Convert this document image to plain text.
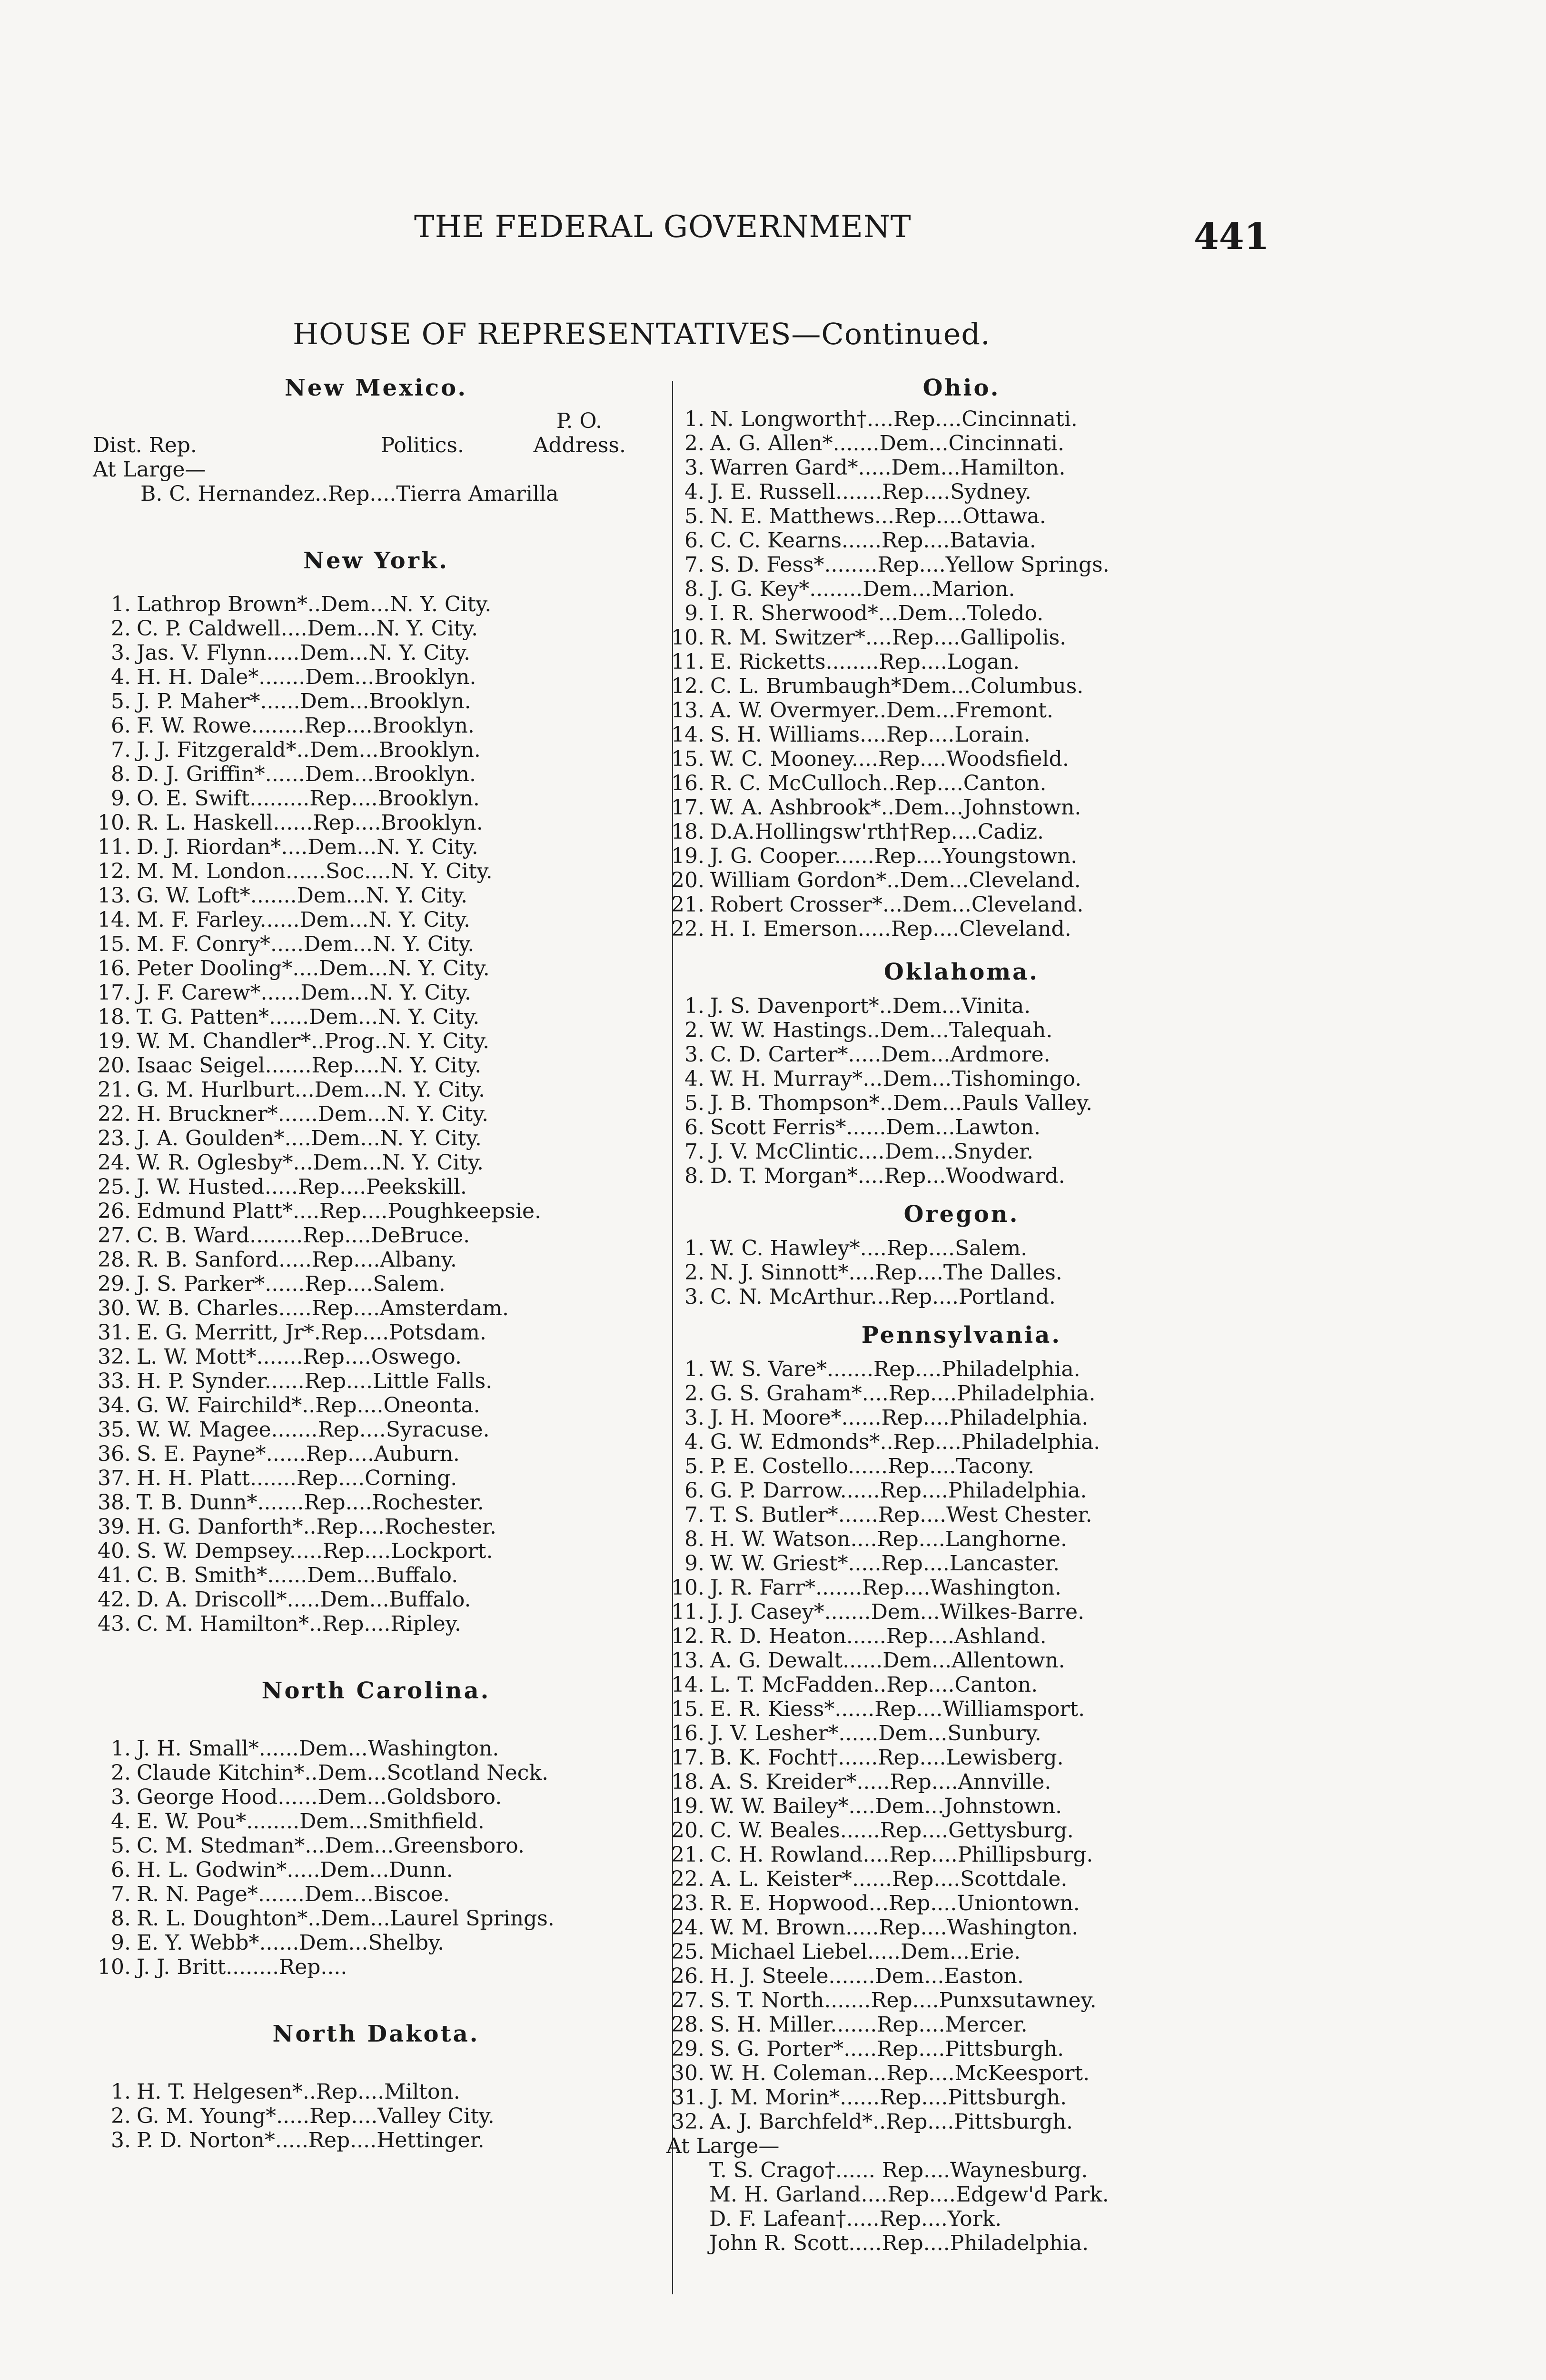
THE FEDERAL GOVERNMENT	441
HOUSE OF REPRESENTATIVES—Continued.
New Mexico.
P. O.
Dist. Rep.	Politics.	Address.
At Large—
B. C. Hernandez..Rep....Tierra Amarilla
New York.
1. Lathrop Brown*..Dem...N. Y. City.
2. C. P. Caldwell....Dem...N. Y. City.
3. Jas. V. Flynn.....Dem...N. Y. City.
4. H. H. Dale*.......Dem...Brooklyn.
5. J. P. Maher*......Dem...Brooklyn.
6. F. W. Rowe........Rep....Brooklyn.
7. J. J. Fitzgerald*..Dem...Brooklyn.
8. D. J. Griffin*......Dem...Brooklyn.
9. O. E. Swift.........Rep....Brooklyn.
10. R. L. Haskell......Rep....Brooklyn.
11. D. J. Riordan*....Dem...N. Y. City.
12. M. M. London......Soc....N. Y. City.
13. G. W. Loft*.......Dem...N. Y. City.
14. M. F. Farley......Dem...N. Y. City.
15. M. F. Conry*.....Dem...N. Y. City.
16. Peter Dooling*....Dem...N. Y. City.
17. J. F. Carew*......Dem...N. Y. City.
18. T. G. Patten*......Dem...N. Y. City.
19. W. M. Chandler*..Prog..N. Y. City.
20. Isaac Seigel.......Rep....N. Y. City.
21. G. M. Hurlburt...Dem...N. Y. City.
22. H. Bruckner*......Dem...N. Y. City.
23. J. A. Goulden*....Dem...N. Y. City.
24. W. R. Oglesby*...Dem...N. Y. City.
25. J. W. Husted.....Rep....Peekskill.
26. Edmund Platt*....Rep....Poughkeepsie.
27. C. B. Ward........Rep....DeBruce.
28. R. B. Sanford.....Rep....Albany.
29. J. S. Parker*......Rep....Salem.
30. W. B. Charles.....Rep....Amsterdam.
31. E. G. Merritt, Jr*.Rep....Potsdam.
32. L. W. Mott*.......Rep....Oswego.
33. H. P. Synder......Rep....Little Falls.
34. G. W. Fairchild*..Rep....Oneonta.
35. W. W. Magee.......Rep....Syracuse.
36. S. E. Payne*......Rep....Auburn.
37. H. H. Platt.......Rep....Corning.
38. T. B. Dunn*.......Rep....Rochester.
39. H. G. Danforth*..Rep....Rochester.
40. S. W. Dempsey.....Rep....Lockport.
41. C. B. Smith*......Dem...Buffalo.
42. D. A. Driscoll*.....Dem...Buffalo.
43. C. M. Hamilton*..Rep....Ripley.
North Carolina.
1. J. H. Small*......Dem...Washington.
2. Claude Kitchin*..Dem...Scotland Neck.
3. George Hood......Dem...Goldsboro.
4. E. W. Pou*........Dem...Smithfield.
5. C. M. Stedman*...Dem...Greensboro.
6. H. L. Godwin*.....Dem...Dunn.
7. R. N. Page*.......Dem...Biscoe.
8. R. L. Doughton*..Dem...Laurel Springs.
9. E. Y. Webb*......Dem...Shelby.
10. J. J. Britt........Rep....
North Dakota.
1. H. T. Helgesen*..Rep....Milton.
2. G. M. Young*.....Rep....Valley City.
3. P. D. Norton*.....Rep....Hettinger.
Ohio.
1. N. Longworth†....Rep....Cincinnati.
2. A. G. Allen*.......Dem...Cincinnati.
3. Warren Gard*.....Dem...Hamilton.
4. J. E. Russell.......Rep....Sydney.
5. N. E. Matthews...Rep....Ottawa.
6. C. C. Kearns......Rep....Batavia.
7. S. D. Fess*........Rep....Yellow Springs.
8. J. G. Key*........Dem...Marion.
9. I. R. Sherwood*...Dem...Toledo.
10. R. M. Switzer*....Rep....Gallipolis.
11. E. Ricketts........Rep....Logan.
12. C. L. Brumbaugh*Dem...Columbus.
13. A. W. Overmyer..Dem...Fremont.
14. S. H. Williams....Rep....Lorain.
15. W. C. Mooney....Rep....Woodsfield.
16. R. C. McCulloch..Rep....Canton.
17. W. A. Ashbrook*..Dem...Johnstown.
18. D.A.Hollingsw'rth†Rep....Cadiz.
19. J. G. Cooper......Rep....Youngstown.
20. William Gordon*..Dem...Cleveland.
21. Robert Crosser*...Dem...Cleveland.
22. H. I. Emerson.....Rep....Cleveland.
Oklahoma.
1. J. S. Davenport*..Dem...Vinita.
2. W. W. Hastings..Dem...Talequah.
3. C. D. Carter*.....Dem...Ardmore.
4. W. H. Murray*...Dem...Tishomingo.
5. J. B. Thompson*..Dem...Pauls Valley.
6. Scott Ferris*......Dem...Lawton.
7. J. V. McClintic....Dem...Snyder.
8. D. T. Morgan*....Rep...Woodward.
Oregon.
1. W. C. Hawley*....Rep....Salem.
2. N. J. Sinnott*....Rep....The Dalles.
3. C. N. McArthur...Rep....Portland.
Pennsylvania.
1. W. S. Vare*.......Rep....Philadelphia.
2. G. S. Graham*....Rep....Philadelphia.
3. J. H. Moore*......Rep....Philadelphia.
4. G. W. Edmonds*..Rep....Philadelphia.
5. P. E. Costello......Rep....Tacony.
6. G. P. Darrow......Rep....Philadelphia.
7. T. S. Butler*......Rep....West Chester.
8. H. W. Watson....Rep....Langhorne.
9. W. W. Griest*.....Rep....Lancaster.
10. J. R. Farr*.......Rep....Washington.
11. J. J. Casey*.......Dem...Wilkes-Barre.
12. R. D. Heaton......Rep....Ashland.
13. A. G. Dewalt......Dem...Allentown.
14. L. T. McFadden..Rep....Canton.
15. E. R. Kiess*......Rep....Williamsport.
16. J. V. Lesher*......Dem...Sunbury.
17. B. K. Focht†......Rep....Lewisberg.
18. A. S. Kreider*.....Rep....Annville.
19. W. W. Bailey*....Dem...Johnstown.
20. C. W. Beales......Rep....Gettysburg.
21. C. H. Rowland....Rep....Phillipsburg.
22. A. L. Keister*......Rep....Scottdale.
23. R. E. Hopwood...Rep....Uniontown.
24. W. M. Brown.....Rep....Washington.
25. Michael Liebel.....Dem...Erie.
26. H. J. Steele.......Dem...Easton.
27. S. T. North.......Rep....Punxsutawney.
28. S. H. Miller.......Rep....Mercer.
29. S. G. Porter*.....Rep....Pittsburgh.
30. W. H. Coleman...Rep....McKeesport.
31. J. M. Morin*......Rep....Pittsburgh.
32. A. J. Barchfeld*..Rep....Pittsburgh.
At Large—
T. S. Crago†...... Rep....Waynesburg.
M. H. Garland....Rep....Edgew'd Park.
D. F. Lafean†.....Rep....York.
John R. Scott.....Rep....Philadelphia.
